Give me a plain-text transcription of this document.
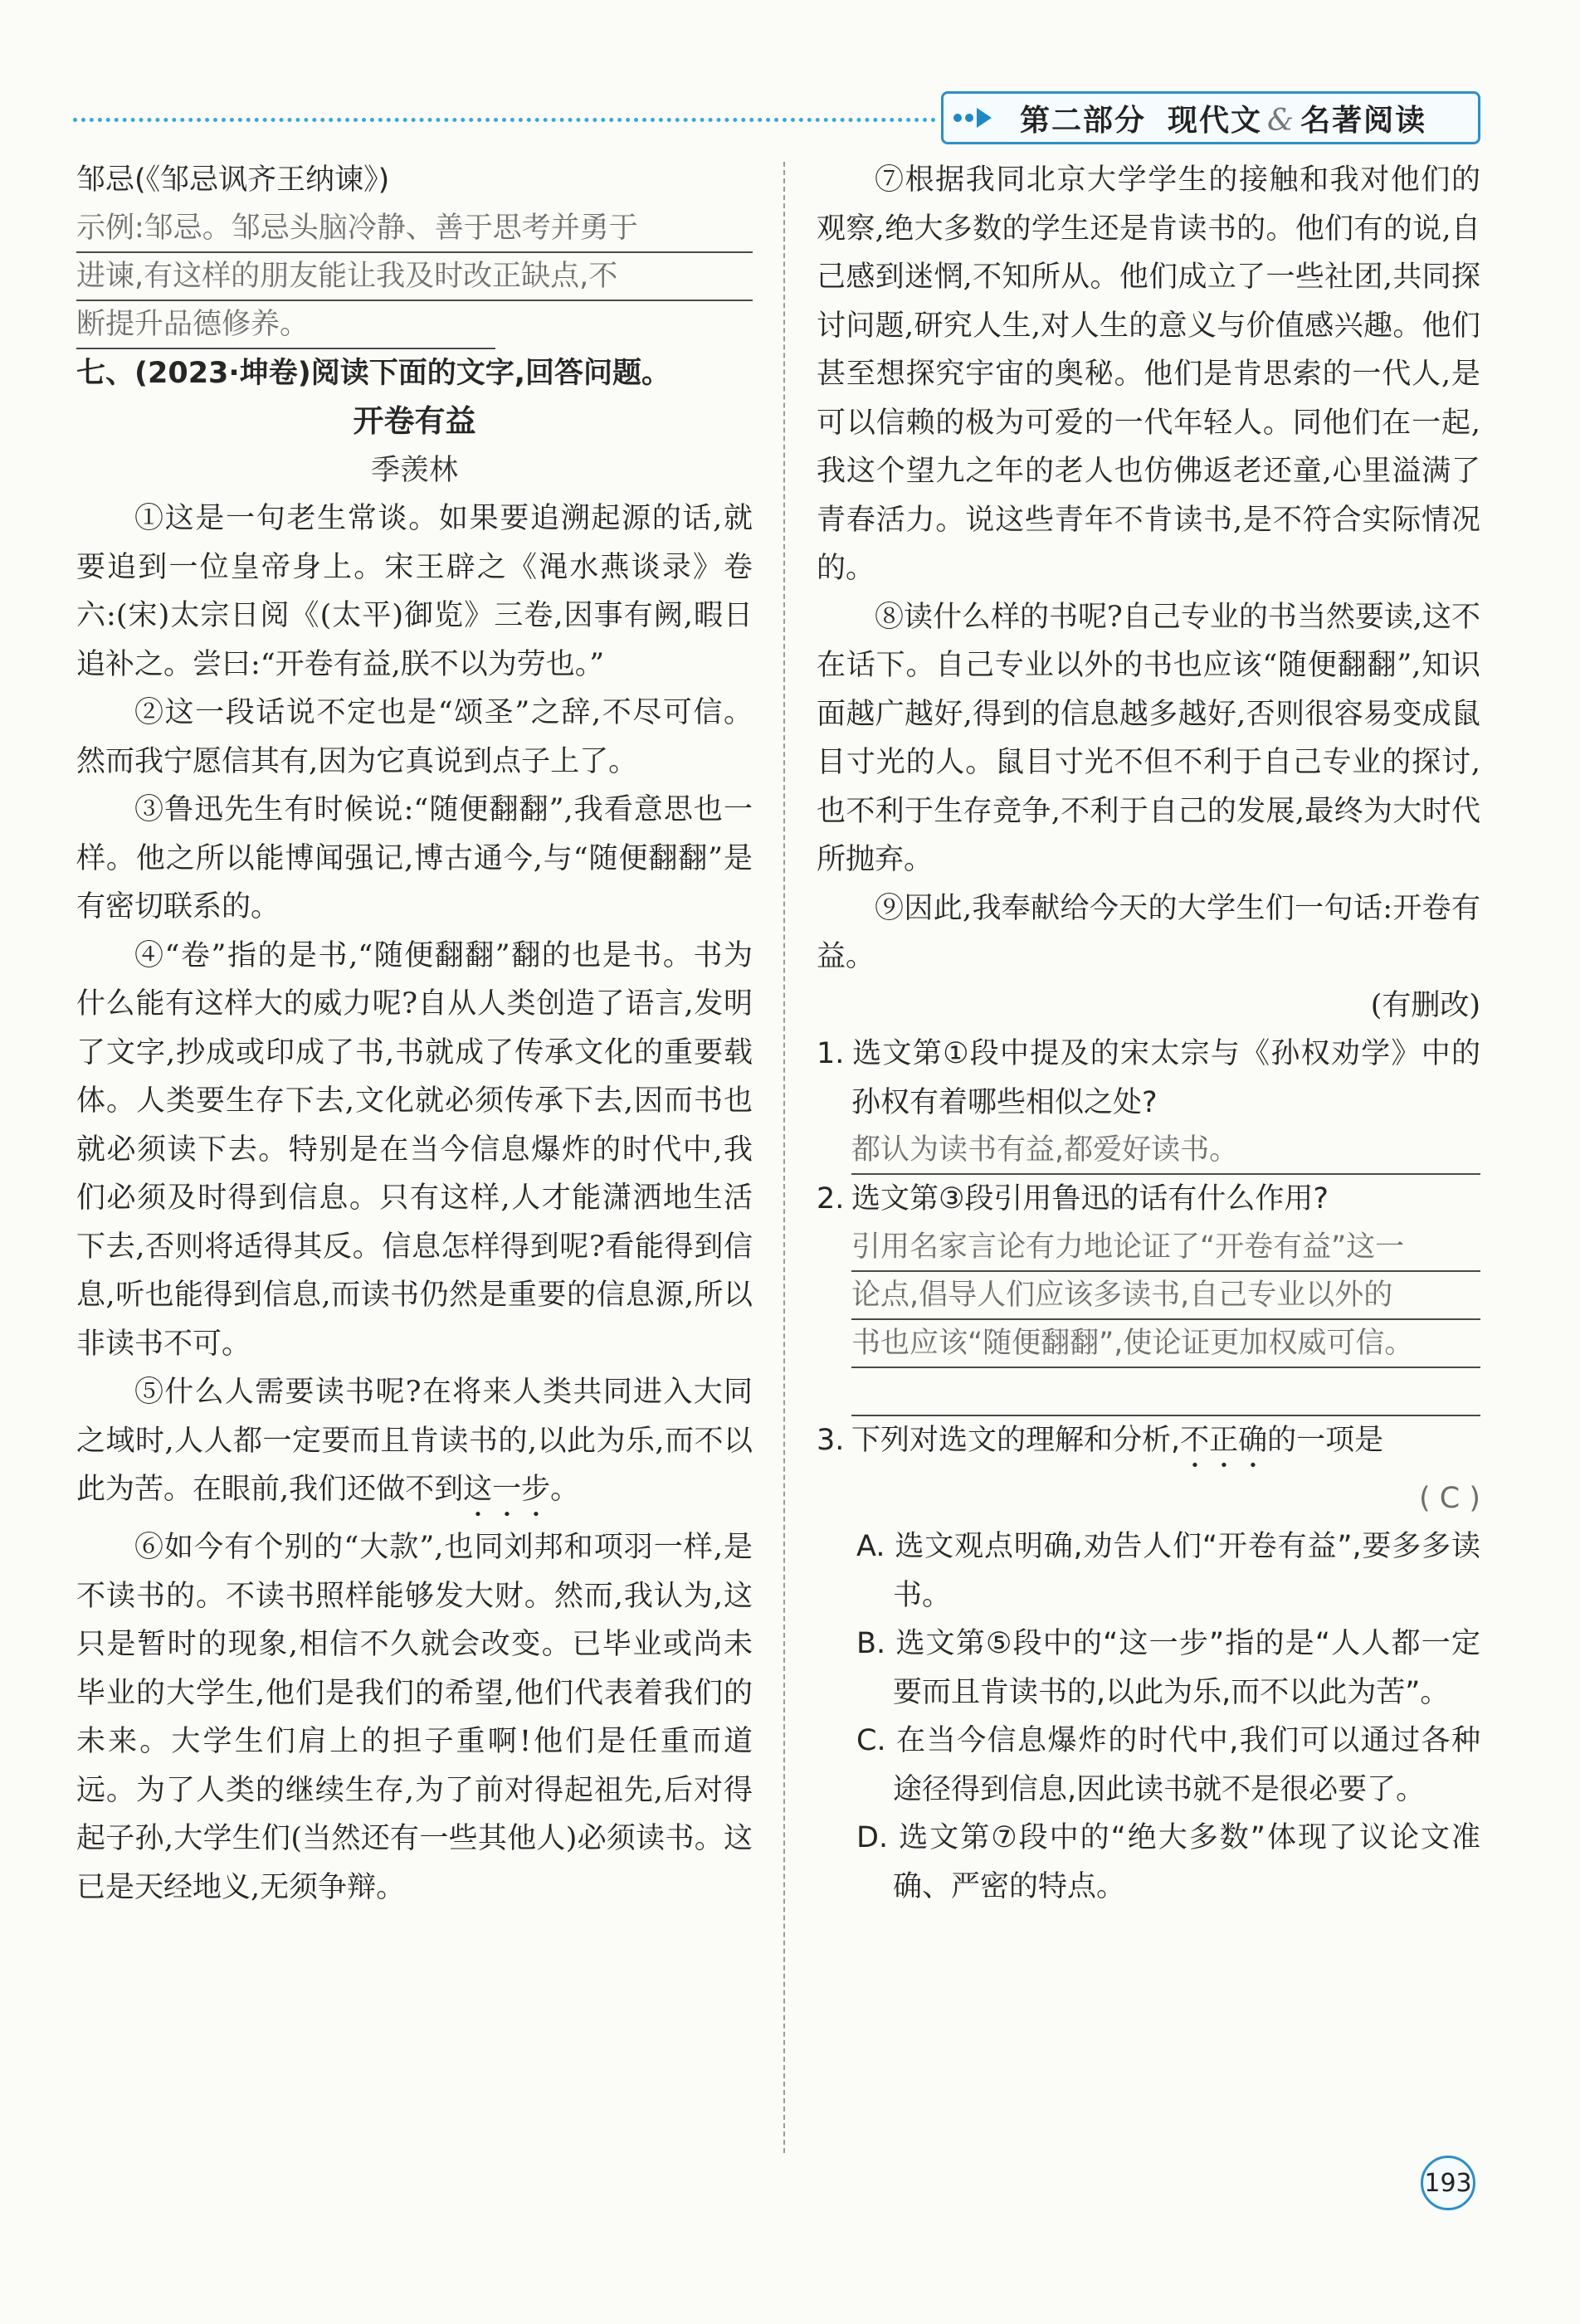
第二部分 现代文 & 名著阅读

邹忌(《邹忌讽齐王纳谏》)

示例:邹忌。邹忌头脑冷静、善于思考并勇于
进谏,有这样的朋友能让我及时改正缺点,不
断提升品德修养。

七、(2023·坤卷)阅读下面的文字,回答问题。

开卷有益

季羡林

①这是一句老生常谈。如果要追溯起源的话,就要追到一位皇帝身上。宋王辟之《渑水燕谈录》卷六:(宋)太宗日阅《(太平)御览》三卷,因事有阙,暇日追补之。尝曰:“开卷有益,朕不以为劳也。”

②这一段话说不定也是“颂圣”之辞,不尽可信。然而我宁愿信其有,因为它真说到点子上了。

③鲁迅先生有时候说:“随便翻翻”,我看意思也一样。他之所以能博闻强记,博古通今,与“随便翻翻”是有密切联系的。

④“卷”指的是书,“随便翻翻”翻的也是书。书为什么能有这样大的威力呢?自从人类创造了语言,发明了文字,抄成或印成了书,书就成了传承文化的重要载体。人类要生存下去,文化就必须传承下去,因而书也就必须读下去。特别是在当今信息爆炸的时代中,我们必须及时得到信息。只有这样,人才能潇洒地生活下去,否则将适得其反。信息怎样得到呢?看能得到信息,听也能得到信息,而读书仍然是重要的信息源,所以非读书不可。

⑤什么人需要读书呢?在将来人类共同进入大同之域时,人人都一定要而且肯读书的,以此为乐,而不以此为苦。在眼前,我们还做不到这一步。

⑥如今有个别的“大款”,也同刘邦和项羽一样,是不读书的。不读书照样能够发大财。然而,我认为,这只是暂时的现象,相信不久就会改变。已毕业或尚未毕业的大学生,他们是我们的希望,他们代表着我们的未来。大学生们肩上的担子重啊!他们是任重而道远。为了人类的继续生存,为了前对得起祖先,后对得起子孙,大学生们(当然还有一些其他人)必须读书。这已是天经地义,无须争辩。

⑦根据我同北京大学学生的接触和我对他们的观察,绝大多数的学生还是肯读书的。他们有的说,自己感到迷惘,不知所从。他们成立了一些社团,共同探讨问题,研究人生,对人生的意义与价值感兴趣。他们甚至想探究宇宙的奥秘。他们是肯思索的一代人,是可以信赖的极为可爱的一代年轻人。同他们在一起,我这个望九之年的老人也仿佛返老还童,心里溢满了青春活力。说这些青年不肯读书,是不符合实际情况的。

⑧读什么样的书呢?自己专业的书当然要读,这不在话下。自己专业以外的书也应该“随便翻翻”,知识面越广越好,得到的信息越多越好,否则很容易变成鼠目寸光的人。鼠目寸光不但不利于自己专业的探讨,也不利于生存竞争,不利于自己的发展,最终为大时代所抛弃。

⑨因此,我奉献给今天的大学生们一句话:开卷有益。

(有删改)

1. 选文第①段中提及的宋太宗与《孙权劝学》中的孙权有着哪些相似之处?

都认为读书有益,都爱好读书。

2. 选文第③段引用鲁迅的话有什么作用?

引用名家言论有力地论证了“开卷有益”这一
论点,倡导人们应该多读书,自己专业以外的
书也应该“随便翻翻”,使论证更加权威可信。

3. 下列对选文的理解和分析,不正确的一项是

( C )

A. 选文观点明确,劝告人们“开卷有益”,要多多读书。

B. 选文第⑤段中的“这一步”指的是“人人都一定要而且肯读书的,以此为乐,而不以此为苦”。

C. 在当今信息爆炸的时代中,我们可以通过各种途径得到信息,因此读书就不是很必要了。

D. 选文第⑦段中的“绝大多数”体现了议论文准确、严密的特点。

193
